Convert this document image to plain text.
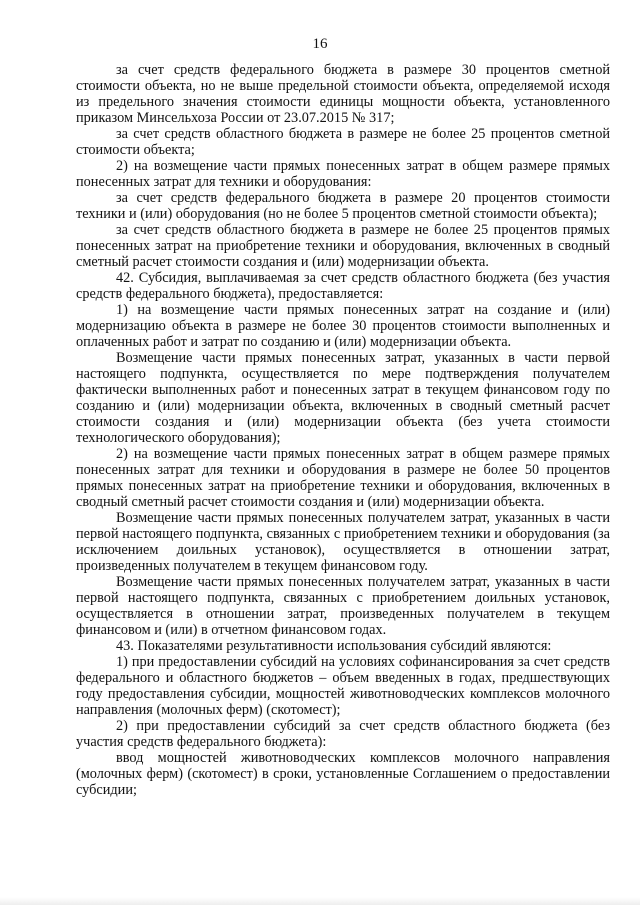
16

за счет средств федерального бюджета в размере 30 процентов сметной стоимости объекта, но не выше предельной стоимости объекта, определяемой исходя из предельного значения стоимости единицы мощности объекта, установленного приказом Минсельхоза России от 23.07.2015 № 317;

за счет средств областного бюджета в размере не более 25 процентов сметной стоимости объекта;

2) на возмещение части прямых понесенных затрат в общем размере прямых понесенных затрат для техники и оборудования:

за счет средств федерального бюджета в размере 20 процентов стоимости техники и (или) оборудования (но не более 5 процентов сметной стоимости объекта);

за счет средств областного бюджета в размере не более 25 процентов прямых понесенных затрат на приобретение техники и оборудования, включенных в сводный сметный расчет стоимости создания и (или) модернизации объекта.

42. Субсидия, выплачиваемая за счет средств областного бюджета (без участия средств федерального бюджета), предоставляется:

1) на возмещение части прямых понесенных затрат на создание и (или) модернизацию объекта в размере не более 30 процентов стоимости выполненных и оплаченных работ и затрат по созданию и (или) модернизации объекта.

Возмещение части прямых понесенных затрат, указанных в части первой настоящего подпункта, осуществляется по мере подтверждения получателем фактически выполненных работ и понесенных затрат в текущем финансовом году по созданию и (или) модернизации объекта, включенных в сводный сметный расчет стоимости создания и (или) модернизации объекта (без учета стоимости технологического оборудования);

2) на возмещение части прямых понесенных затрат в общем размере прямых понесенных затрат для техники и оборудования в размере не более 50 процентов прямых понесенных затрат на приобретение техники и оборудования, включенных в сводный сметный расчет стоимости создания и (или) модернизации объекта.

Возмещение части прямых понесенных получателем затрат, указанных в части первой настоящего подпункта, связанных с приобретением техники и оборудования (за исключением доильных установок), осуществляется в отношении затрат, произведенных получателем в текущем финансовом году.

Возмещение части прямых понесенных получателем затрат, указанных в части первой настоящего подпункта, связанных с приобретением доильных установок, осуществляется в отношении затрат, произведенных получателем в текущем финансовом и (или) в отчетном финансовом годах.

43. Показателями результативности использования субсидий являются:

1) при предоставлении субсидий на условиях софинансирования за счет средств федерального и областного бюджетов – объем введенных в годах, предшествующих году предоставления субсидии, мощностей животноводческих комплексов молочного направления (молочных ферм) (скотомест);

2) при предоставлении субсидий за счет средств областного бюджета (без участия средств федерального бюджета):

ввод мощностей животноводческих комплексов молочного направления (молочных ферм) (скотомест) в сроки, установленные Соглашением о предоставлении субсидии;
